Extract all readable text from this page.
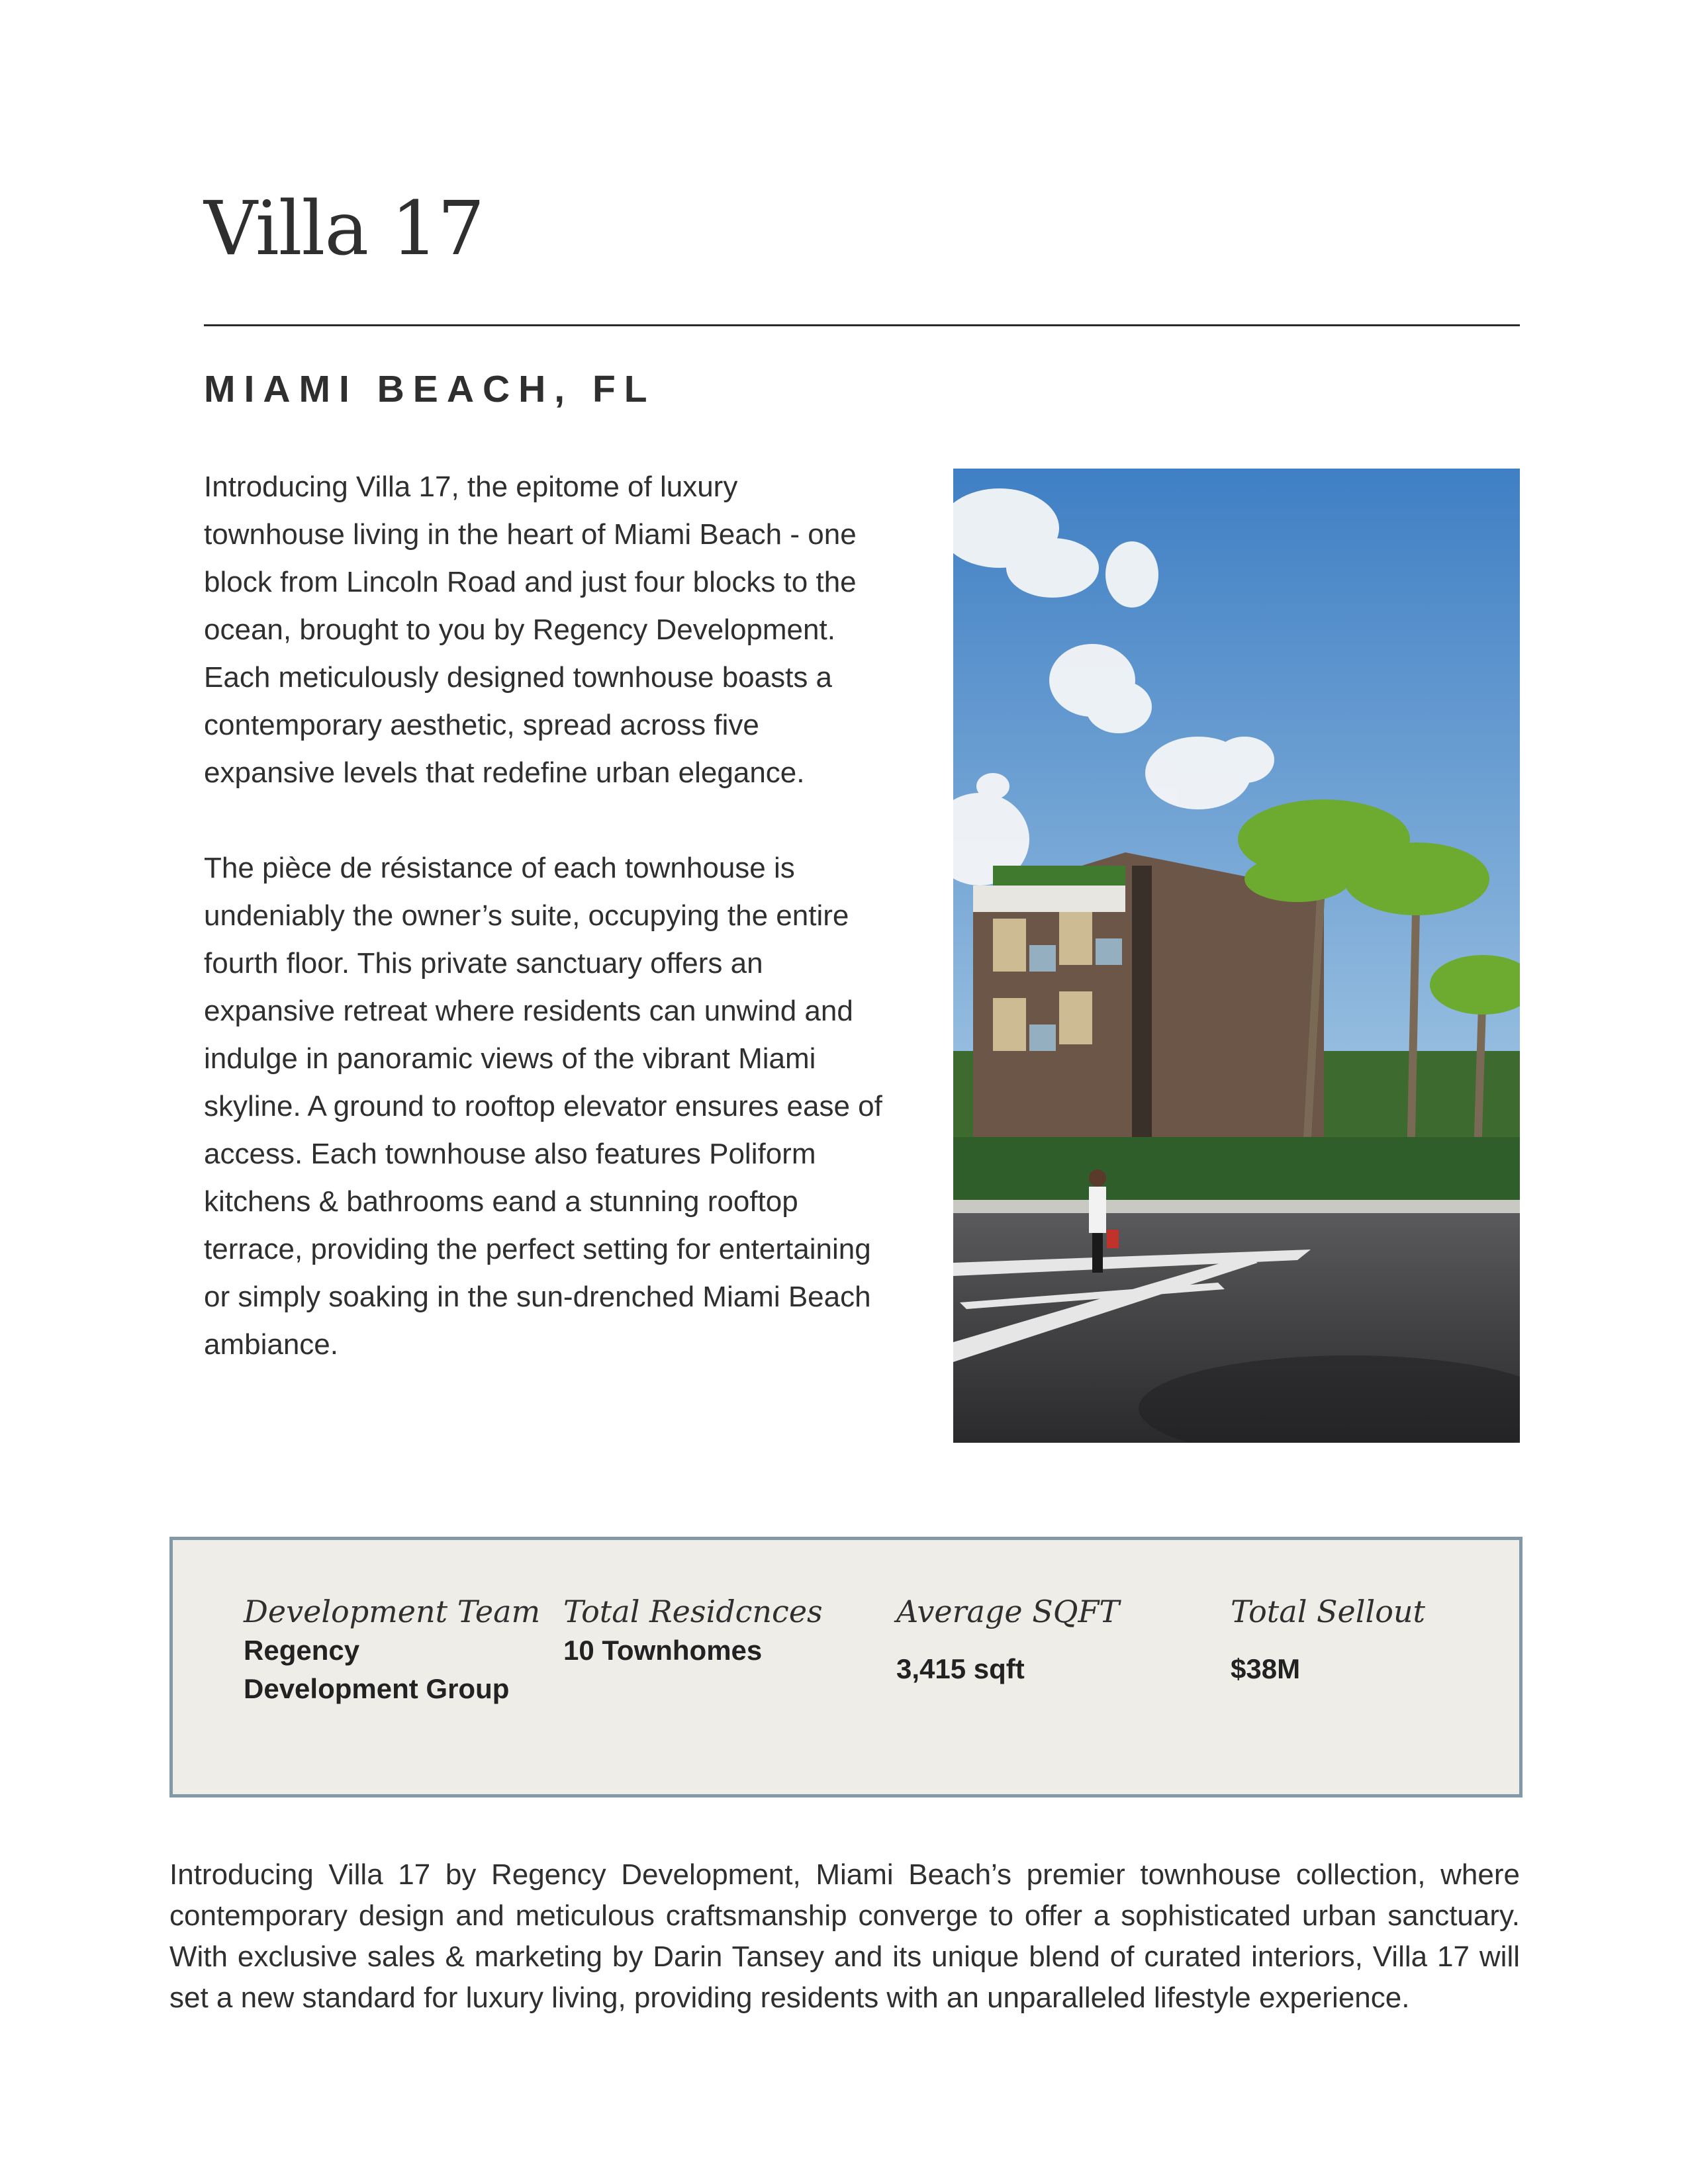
Villa 17
MIAMI BEACH, FL

Introducing Villa 17, the epitome of luxury townhouse living in the heart of Miami Beach - one block from Lincoln Road and just four blocks to the ocean, brought to you by Regency Development. Each meticulously designed townhouse boasts a contemporary aesthetic, spread across five expansive levels that redefine urban elegance.

The pièce de résistance of each townhouse is undeniably the owner’s suite, occupying the entire fourth floor. This private sanctuary offers an expansive retreat where residents can unwind and indulge in panoramic views of the vibrant Miami skyline. A ground to rooftop elevator ensures ease of access. Each townhouse also features Poliform kitchens & bathrooms eand a stunning rooftop terrace, providing the perfect setting for entertaining or simply soaking in the sun-drenched Miami Beach ambiance.

Development Team
Regency
Development Group
Total Residcnces
10 Townhomes
Average SQFT
3,415 sqft
Total Sellout
$38M

Introducing Villa 17 by Regency Development, Miami Beach’s premier townhouse collection, where contemporary design and meticulous craftsmanship converge to offer a sophisticated urban sanctuary. With exclusive sales & marketing by Darin Tansey and its unique blend of curated interiors, Villa 17 will set a new standard for luxury living, providing residents with an unparalleled lifestyle experience.
